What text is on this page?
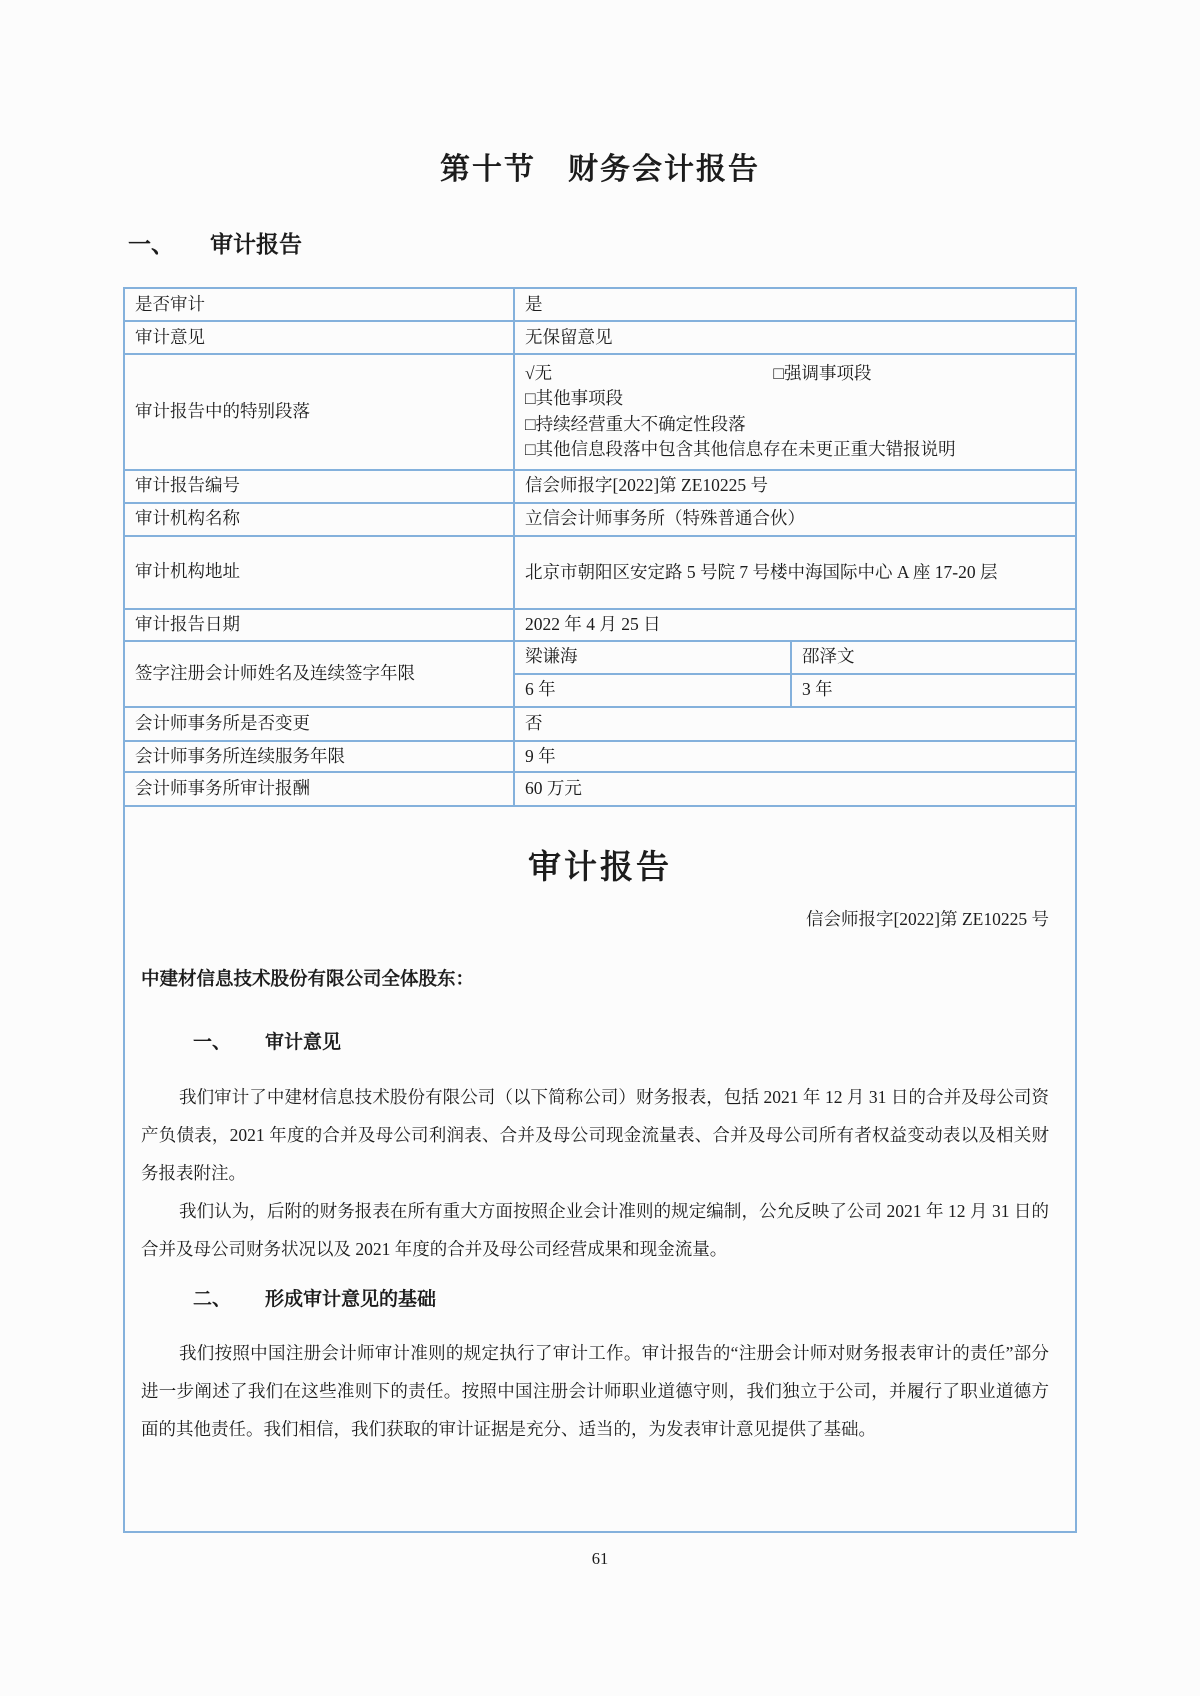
第十节　财务会计报告
一、 审计报告
是否审计	是	
审计意见	无保留意见	
审计报告中的特别段落	√无 □强调事项段
□其他事项段
□持续经营重大不确定性段落
□其他信息段落中包含其他信息存在未更正重大错报说明	

审计报告编号	信会师报字[2022]第 ZE10225 号	
审计机构名称	立信会计师事务所（特殊普通合伙）	
审计机构地址	北京市朝阳区安定路 5 号院 7 号楼中海国际中心 A 座 17-20 层	
审计报告日期	2022 年 4 月 25 日	
签字注册会计师姓名及连续签字年限	梁谦海	邵泽文
	6 年	3 年
会计师事务所是否变更	否	
会计师事务所连续服务年限	9 年	
会计师事务所审计报酬	60 万元	

审计报告
信会师报字[2022]第 ZE10225 号
中建材信息技术股份有限公司全体股东：
一、 审计意见
我们审计了中建材信息技术股份有限公司（以下简称公司）财务报表，包括 2021 年 12 月 31 日的合并及母公司资产负债表，2021 年度的合并及母公司利润表、合并及母公司现金流量表、合并及母公司所有者权益变动表以及相关财务报表附注。
我们认为，后附的财务报表在所有重大方面按照企业会计准则的规定编制，公允反映了公司 2021 年 12 月 31 日的合并及母公司财务状况以及 2021 年度的合并及母公司经营成果和现金流量。
二、 形成审计意见的基础
我们按照中国注册会计师审计准则的规定执行了审计工作。审计报告的“注册会计师对财务报表审计的责任”部分进一步阐述了我们在这些准则下的责任。按照中国注册会计师职业道德守则，我们独立于公司，并履行了职业道德方面的其他责任。我们相信，我们获取的审计证据是充分、适当的，为发表审计意见提供了基础。
61
